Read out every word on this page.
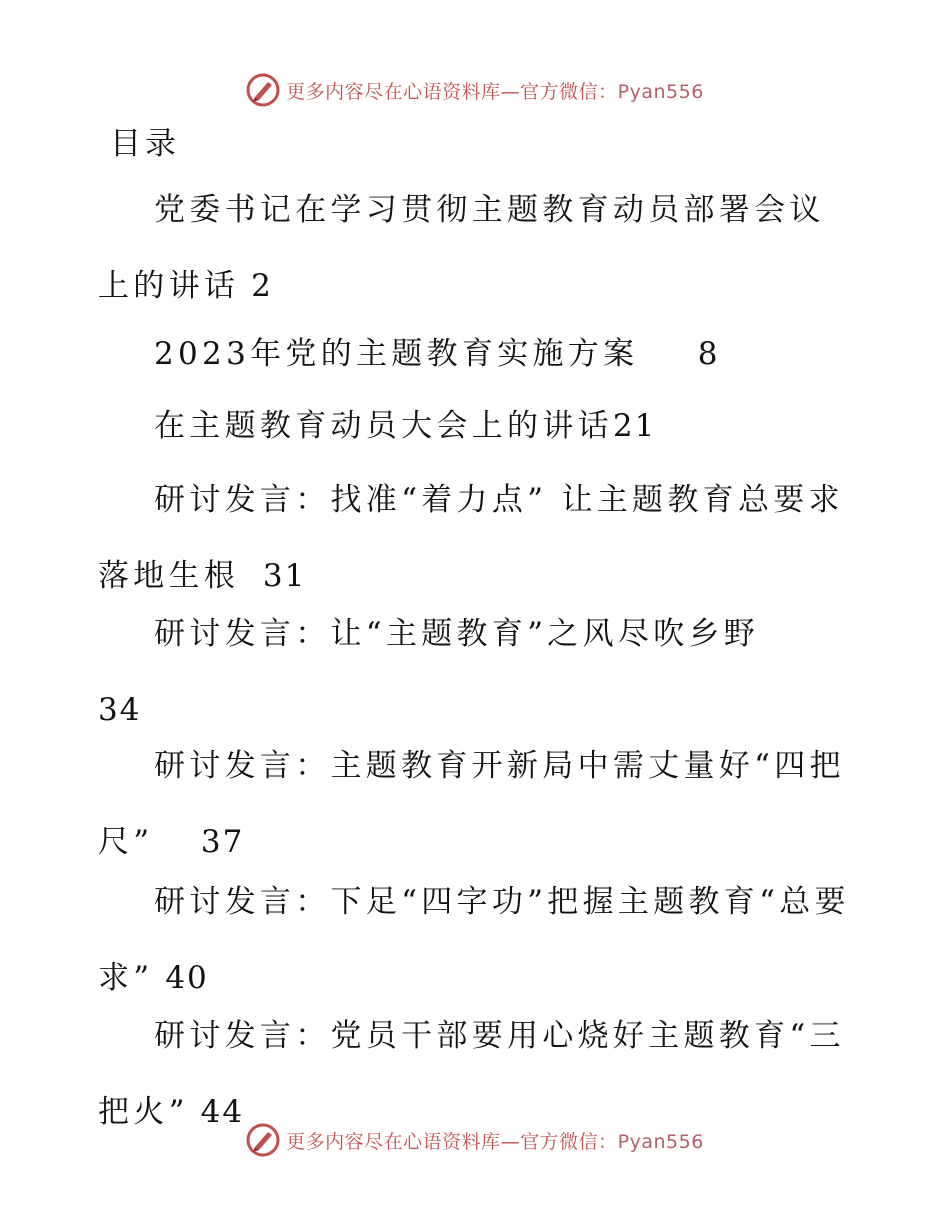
更多内容尽在心语资料库—官方微信：Pyan556
目录
党委书记在学习贯彻主题教育动员部署会议上的讲话 2
2023年党的主题教育实施方案 8
在主题教育动员大会上的讲话21
研讨发言：找准“着力点” 让主题教育总要求落地生根 31
研讨发言：让“主题教育”之风尽吹乡野
34
研讨发言：主题教育开新局中需丈量好“四把尺” 37
研讨发言：下足“四字功”把握主题教育“总要求” 40
研讨发言：党员干部要用心烧好主题教育“三把火” 44
更多内容尽在心语资料库—官方微信：Pyan556
